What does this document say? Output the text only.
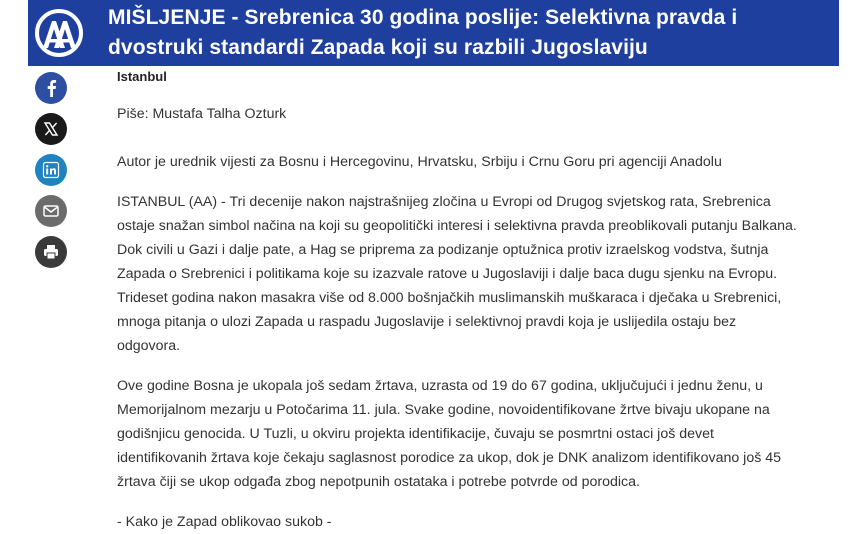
MIŠLJENJE - Srebrenica 30 godina poslije: Selektivna pravda i
dvostruki standardi Zapada koji su razbili Jugoslaviju
Istanbul
Piše: Mustafa Talha Ozturk
Autor je urednik vijesti za Bosnu i Hercegovinu, Hrvatsku, Srbiju i Crnu Goru pri agenciji Anadolu

ISTANBUL (AA) - Tri decenije nakon najstrašnijeg zločina u Evropi od Drugog svjetskog rata, Srebrenica

ostaje snažan simbol načina na koji su geopolitički interesi i selektivna pravda preoblikovali putanju Balkana.

Dok civili u Gazi i dalje pate, a Hag se priprema za podizanje optužnica protiv izraelskog vodstva, šutnja

Zapada o Srebrenici i politikama koje su izazvale ratove u Jugoslaviji i dalje baca dugu sjenku na Evropu.

Trideset godina nakon masakra više od 8.000 bošnjačkih muslimanskih muškaraca i dječaka u Srebrenici,

mnoga pitanja o ulozi Zapada u raspadu Jugoslavije i selektivnoj pravdi koja je uslijedila ostaju bez

odgovora.

Ove godine Bosna je ukopala još sedam žrtava, uzrasta od 19 do 67 godina, uključujući i jednu ženu, u

Memorijalnom mezarju u Potočarima 11. jula. Svake godine, novoidentifikovane žrtve bivaju ukopane na

godišnjicu genocida. U Tuzli, u okviru projekta identifikacije, čuvaju se posmrtni ostaci još devet

identifikovanih žrtava koje čekaju saglasnost porodice za ukop, dok je DNK analizom identifikovano još 45

žrtava čiji se ukop odgađa zbog nepotpunih ostataka i potrebe potvrde od porodica.

- Kako je Zapad oblikovao sukob -
